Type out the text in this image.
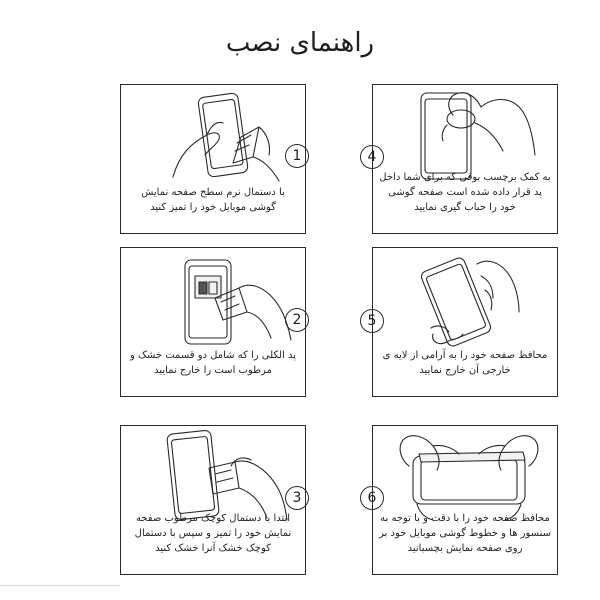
راهنمای نصب
با دستمال نرم سطح صفحه نمایش گوشی موبایل خود را تمیز کنید
1
پد الکلی را که شامل دو قسمت خشک و مرطوب است را خارج نمایید
2
ابتدا با دستمال کوچک مرطوب صفحه نمایش خود را تمیز و سپس با دستمال کوچک خشک آنرا خشک کنید
3
به کمک برچسب بوقی که برای شما داخل پد قرار داده شده است صفحه گوشی خود را حباب گیری نمایید
4
محافظ صفحه خود را به آرامی از لایه ی خارجی آن خارج نمایید
5
محافظ صفحه خود را با دقت و با توجه به سنسور ها و خطوط گوشی موبایل خود بر روی صفحه نمایش بچسبانید
6
